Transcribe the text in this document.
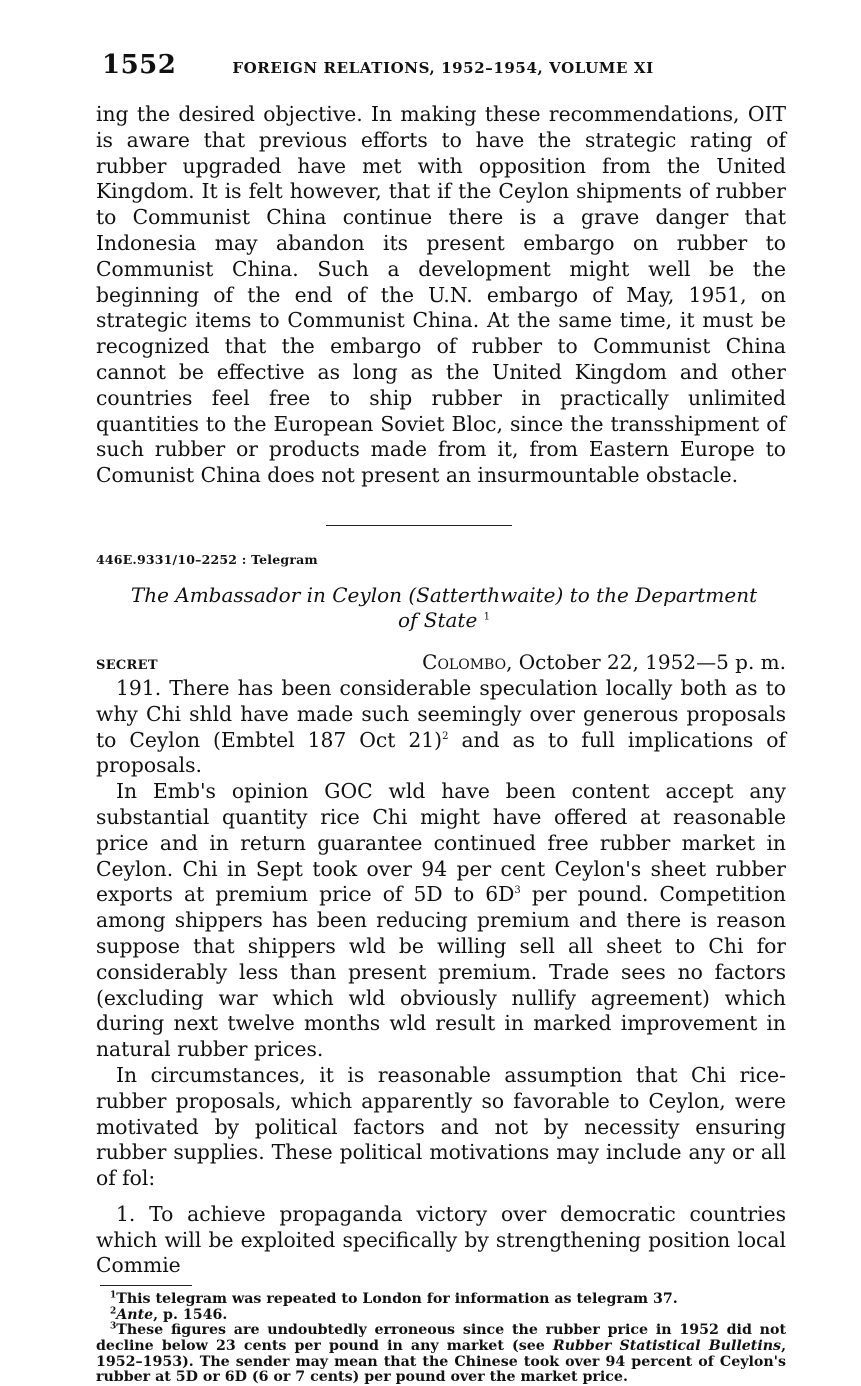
1552	FOREIGN RELATIONS, 1952–1954, VOLUME XI

ing the desired objective. In making these recommendations, OIT is aware that previous efforts to have the strategic rating of rubber upgraded have met with opposition from the United Kingdom. It is felt however, that if the Ceylon shipments of rubber to Communist China continue there is a grave danger that Indonesia may abandon its present embargo on rubber to Communist China. Such a development might well be the beginning of the end of the U.N. embargo of May, 1951, on strategic items to Communist China. At the same time, it must be recognized that the embargo of rubber to Communist China cannot be effective as long as the United Kingdom and other countries feel free to ship rubber in practically unlimited quantities to the European Soviet Bloc, since the transshipment of such rubber or products made from it, from Eastern Europe to Comunist China does not present an insurmountable obstacle.

446E.9331/10–2252 : Telegram
The Ambassador in Ceylon (Satterthwaite) to the Department
of State $^1$
SECRET	Colombo, October 22, 1952—5 p. m.

191. There has been considerable speculation locally both as to why Chi shld have made such seemingly over generous proposals to Ceylon (Embtel 187 Oct 21)$^2$ and as to full implications of proposals.

In Emb's opinion GOC wld have been content accept any substantial quantity rice Chi might have offered at reasonable price and in return guarantee continued free rubber market in Ceylon. Chi in Sept took over 94 per cent Ceylon's sheet rubber exports at premium price of 5D to $6D^3$ per pound. Competition among shippers has been reducing premium and there is reason suppose that shippers wld be willing sell all sheet to Chi for considerably less than present premium. Trade sees no factors (excluding war which wld obviously nullify agreement) which during next twelve months wld result in marked improvement in natural rubber prices.

In circumstances, it is reasonable assumption that Chi rice-rubber proposals, which apparently so favorable to Ceylon, were motivated by political factors and not by necessity ensuring rubber supplies. These political motivations may include any or all of fol:

1. To achieve propaganda victory over democratic countries which will be exploited specifically by strengthening position local Commie

$^1$This telegram was repeated to London for information as telegram 37.

$^2$Ante, p. 1546.

$^3$These figures are undoubtedly erroneous since the rubber price in 1952 did not decline below 23 cents per pound in any market (see Rubber Statistical Bulletins, 1952–1953). The sender may mean that the Chinese took over 94 percent of Ceylon's rubber at 5D or 6D (6 or 7 cents) per pound over the market price.
